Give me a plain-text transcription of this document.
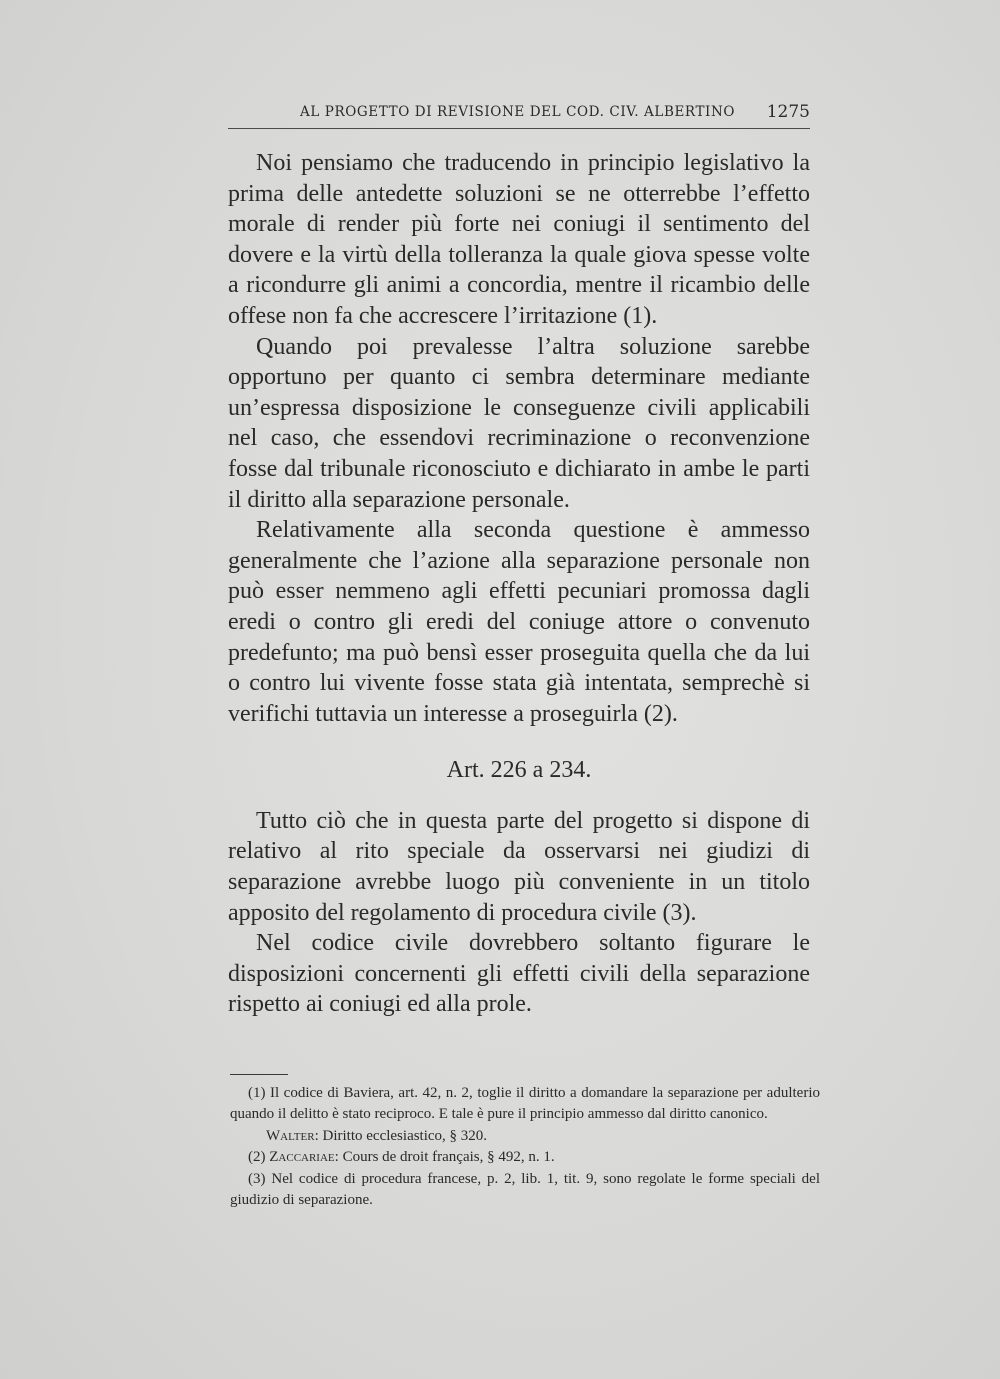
AL PROGETTO DI REVISIONE DEL COD. CIV. ALBERTINO 1275

Noi pensiamo che traducendo in principio legislativo la prima delle antedette soluzioni se ne otterrebbe l’effetto morale di render più forte nei coniugi il sentimento del dovere e la virtù della tolleranza la quale giova spesse volte a ricondurre gli animi a concordia, mentre il ricambio delle offese non fa che accrescere l’irritazione (1).

Quando poi prevalesse l’altra soluzione sarebbe opportuno per quanto ci sembra determinare mediante un’espressa disposizione le conseguenze civili applicabili nel caso, che essendovi recriminazione o reconvenzione fosse dal tribunale riconosciuto e dichiarato in ambe le parti il diritto alla separazione personale.

Relativamente alla seconda questione è ammesso generalmente che l’azione alla separazione personale non può esser nemmeno agli effetti pecuniari promossa dagli eredi o contro gli eredi del coniuge attore o convenuto predefunto; ma può bensì esser proseguita quella che da lui o contro lui vivente fosse stata già intentata, semprechè si verifichi tuttavia un interesse a proseguirla (2).

Art. 226 a 234.

Tutto ciò che in questa parte del progetto si dispone di relativo al rito speciale da osservarsi nei giudizi di separazione avrebbe luogo più conveniente in un titolo apposito del regolamento di procedura civile (3).

Nel codice civile dovrebbero soltanto figurare le disposizioni concernenti gli effetti civili della separazione rispetto ai coniugi ed alla prole.

(1) Il codice di Baviera, art. 42, n. 2, toglie il diritto a domandare la separazione per adulterio quando il delitto è stato reciproco. E tale è pure il principio ammesso dal diritto canonico.

Walter: Diritto ecclesiastico, § 320.

(2) Zaccariae: Cours de droit français, § 492, n. 1.

(3) Nel codice di procedura francese, p. 2, lib. 1, tit. 9, sono regolate le forme speciali del giudizio di separazione.
